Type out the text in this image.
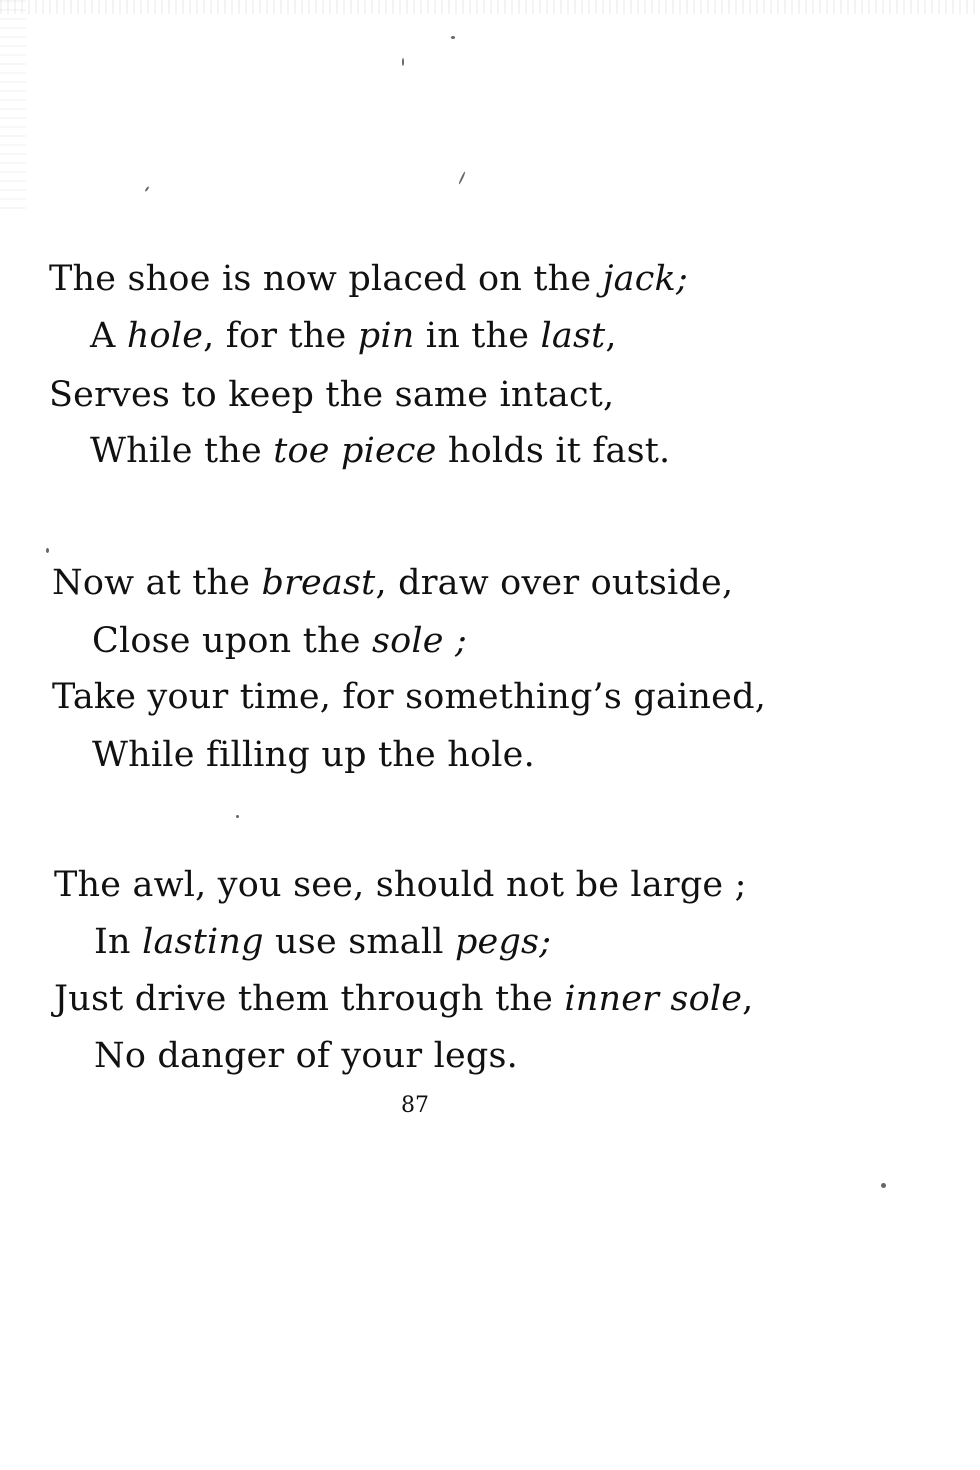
The shoe is now placed on the jack;
A hole, for the pin in the last,
Serves to keep the same intact,
While the toe piece holds it fast.
Now at the breast, draw over outside,
Close upon the sole ;
Take your time, for something’s gained,
While filling up the hole.
The awl, you see, should not be large ;
In lasting use small pegs;
Just drive them through the inner sole,
No danger of your legs.
87
